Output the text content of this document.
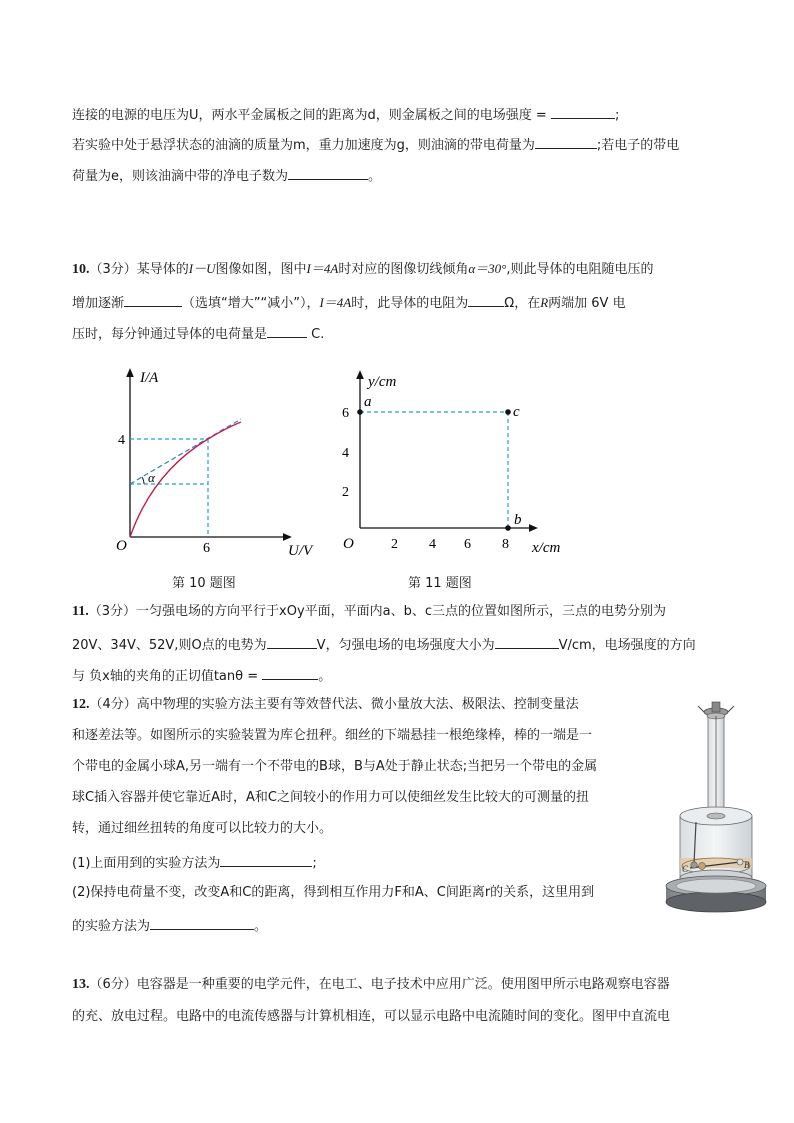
连接的电源的电压为U，两水平金属板之间的距离为d，则金属板之间的电场强度 =	;
若实验中处于悬浮状态的油滴的质量为m，重力加速度为g，则油滴的带电荷量为	;若电子的带电
荷量为e，则该油滴中带的净电子数为	。
10.（3分）某导体的I－U图像如图，图中I＝4A时对应的图像切线倾角α＝30°,则此导体的电阻随电压的
增加逐渐	（选填“增大”“减小”），I＝4A时，此导体的电阻为	Ω，在R两端加 6V 电
压时，每分钟通过导体的电荷量是	C.
I/A
U/V
O
4
6
α
第 10 题图
y/cm
x/cm
O
2
4
6
2 4 6 8
a
c
b
第 11 题图
11.（3分）一匀强电场的方向平行于xOy平面，平面内a、b、c三点的位置如图所示，三点的电势分别为
20V、34V、52V,则O点的电势为	V，匀强电场的电场强度大小为	V/cm，电场强度的方向
与 负x轴的夹角的正切值tanθ =	。
12.（4分）高中物理的实验方法主要有等效替代法、微小量放大法、极限法、控制变量法
和逐差法等。如图所示的实验装置为库仑扭秤。细丝的下端悬挂一根绝缘棒，棒的一端是一
个带电的金属小球A,另一端有一个不带电的B球，B与A处于静止状态;当把另一个带电的金属
球C插入容器并使它靠近A时，A和C之间较小的作用力可以使细丝发生比较大的可测量的扭
转，通过细丝扭转的角度可以比较力的大小。
(1)上面用到的实验方法为	;
(2)保持电荷量不变，改变A和C的距离，得到相互作用力F和A、C间距离r的关系，这里用到
的实验方法为	。
C	B
13.（6分）电容器是一种重要的电学元件，在电工、电子技术中应用广泛。使用图甲所示电路观察电容器
的充、放电过程。电路中的电流传感器与计算机相连，可以显示电路中电流随时间的变化。图甲中直流电
